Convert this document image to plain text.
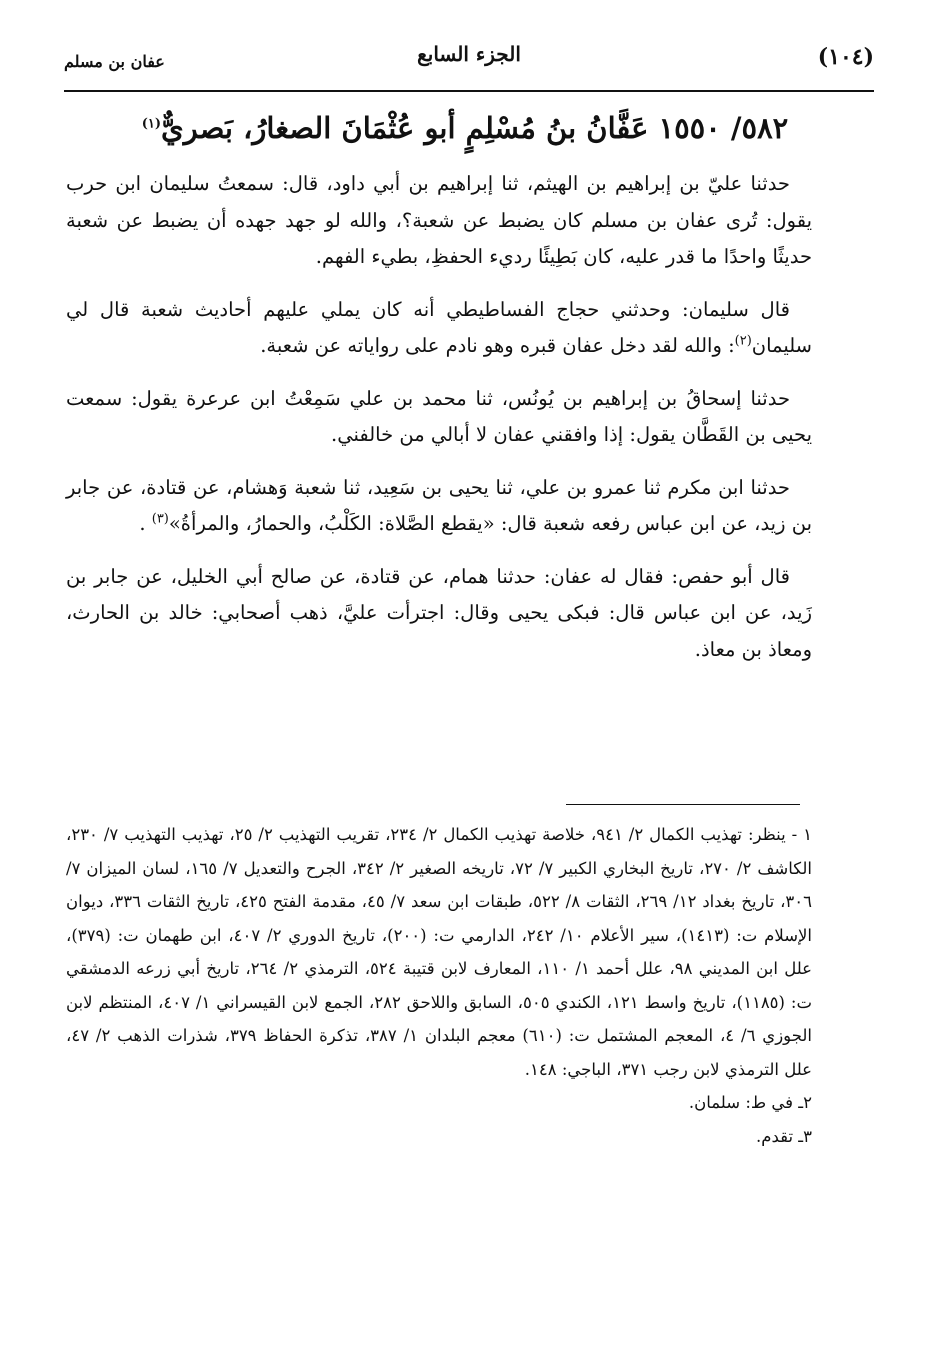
(١٠٤)
الجزء السابع
عفان بن مسلم
٥٨٢/ ١٥٥٠ عَفَّانُ بنُ مُسْلِمٍ أبو عُثْمَانَ الصغارُ، بَصريٌّ$^{(١)}$

حدثنا عليّ بن إبراهيم بن الهيثم، ثنا إبراهيم بن أبي داود، قال: سمعتُ سليمان ابن حرب يقول: تُرى عفان بن مسلم كان يضبط عن شعبة؟، والله لو جهد جهده أن يضبط عن شعبة حديثًا واحدًا ما قدر عليه، كان بَطِيئًا رديء الحفظِ، بطيء الفهم.

قال سليمان: وحدثني حجاج الفساطيطي أنه كان يملي عليهم أحاديث شعبة قال لي سليمان$^{(٢)}$: والله لقد دخل عفان قبره وهو نادم على رواياته عن شعبة.

حدثنا إسحاقُ بن إبراهيم بن يُونُس، ثنا محمد بن علي سَمِعْتُ ابن عرعرة يقول: سمعت يحيى بن القَطَّان يقول: إذا وافقني عفان لا أبالي من خالفني.

حدثنا ابن مكرم ثنا عمرو بن علي، ثنا يحيى بن سَعِيد، ثنا شعبة وَهشام، عن قتادة، عن جابر بن زيد، عن ابن عباس رفعه شعبة قال: «يقطع الصَّلاة: الكَلْبُ، والحمارُ، والمرأةُ»$^{(٣)}$ .

قال أبو حفص: فقال له عفان: حدثنا همام، عن قتادة، عن صالح أبي الخليل، عن جابر بن زَيد، عن ابن عباس قال: فبكى يحيى وقال: اجترأت عليَّ، ذهب أصحابي: خالد بن الحارث، ومعاذ بن معاذ.

١ - ينظر: تهذيب الكمال ٢/ ٩٤١، خلاصة تهذيب الكمال ٢/ ٢٣٤، تقريب التهذيب ٢/ ٢٥، تهذيب التهذيب ٧/ ٢٣٠، الكاشف ٢/ ٢٧٠، تاريخ البخاري الكبير ٧/ ٧٢، تاريخه الصغير ٢/ ٣٤٢، الجرح والتعديل ٧/ ١٦٥، لسان الميزان ٧/ ٣٠٦، تاريخ بغداد ١٢/ ٢٦٩، الثقات ٨/ ٥٢٢، طبقات ابن سعد ٧/ ٤٥، مقدمة الفتح ٤٢٥، تاريخ الثقات ٣٣٦، ديوان الإسلام ت: (١٤١٣)، سير الأعلام ١٠/ ٢٤٢، الدارمي ت: (٢٠٠)، تاريخ الدوري ٢/ ٤٠٧، ابن طهمان ت: (٣٧٩)، علل ابن المديني ٩٨، علل أحمد ١/ ١١٠، المعارف لابن قتيبة ٥٢٤، الترمذي ٢/ ٢٦٤، تاريخ أبي زرعه الدمشقي ت: (١١٨٥)، تاريخ واسط ١٢١، الكندي ٥٠٥، السابق واللاحق ٢٨٢، الجمع لابن القيسراني ١/ ٤٠٧، المنتظم لابن الجوزي ٦/ ٤، المعجم المشتمل ت: (٦١٠) معجم البلدان ١/ ٣٨٧، تذكرة الحفاظ ٣٧٩، شذرات الذهب ٢/ ٤٧، علل الترمذي لابن رجب ٣٧١، الباجي: ١٤٨.

٢ـ في ط: سلمان.

٣ـ تقدم.
